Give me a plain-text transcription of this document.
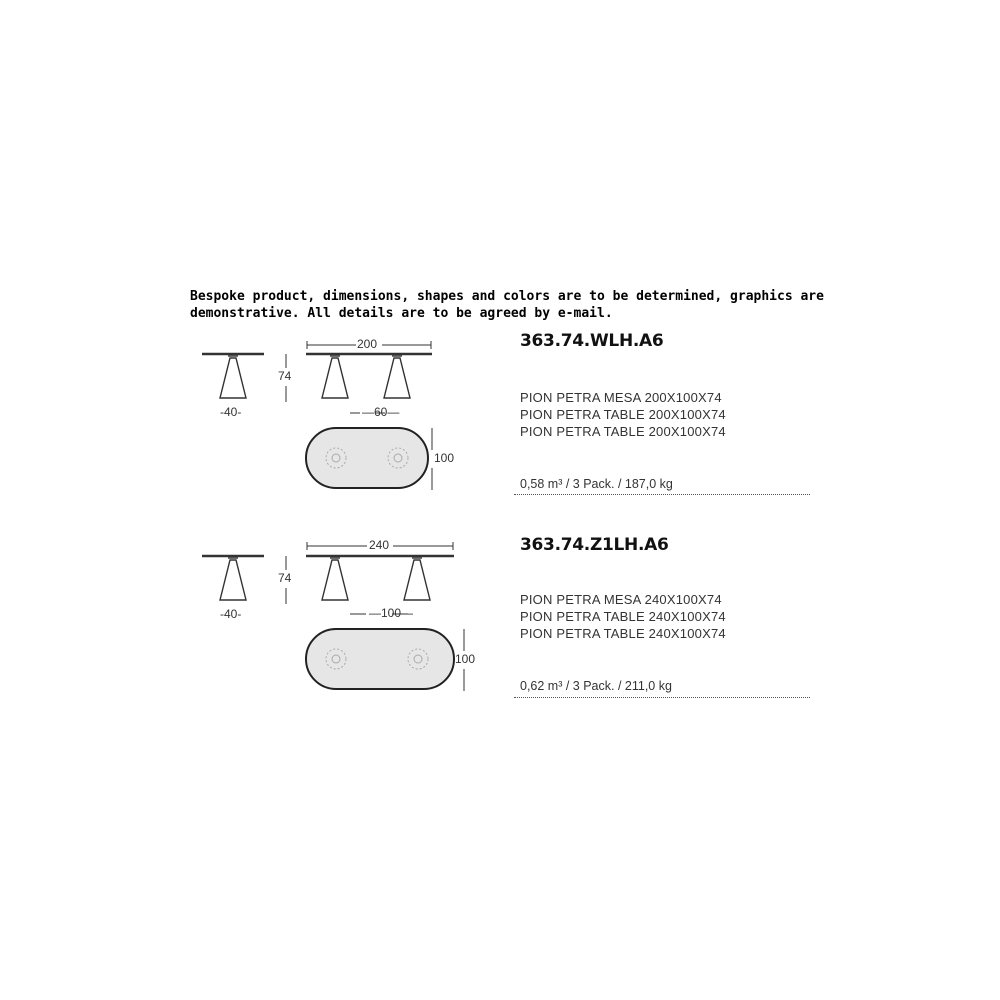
Bespoke product, dimensions, shapes and colors are to be determined, graphics are
demonstrative. All details are to be agreed by e-mail.
-40-
74
200
—60—
100
363.74.WLH.A6
PION PETRA MESA 200X100X74
PION PETRA TABLE 200X100X74
PION PETRA TABLE 200X100X74
0,58 m³ / 3 Pack. / 187,0 kg
-40-
74
240
—100—
100
363.74.Z1LH.A6
PION PETRA MESA 240X100X74
PION PETRA TABLE 240X100X74
PION PETRA TABLE 240X100X74
0,62 m³ / 3 Pack. / 211,0 kg
